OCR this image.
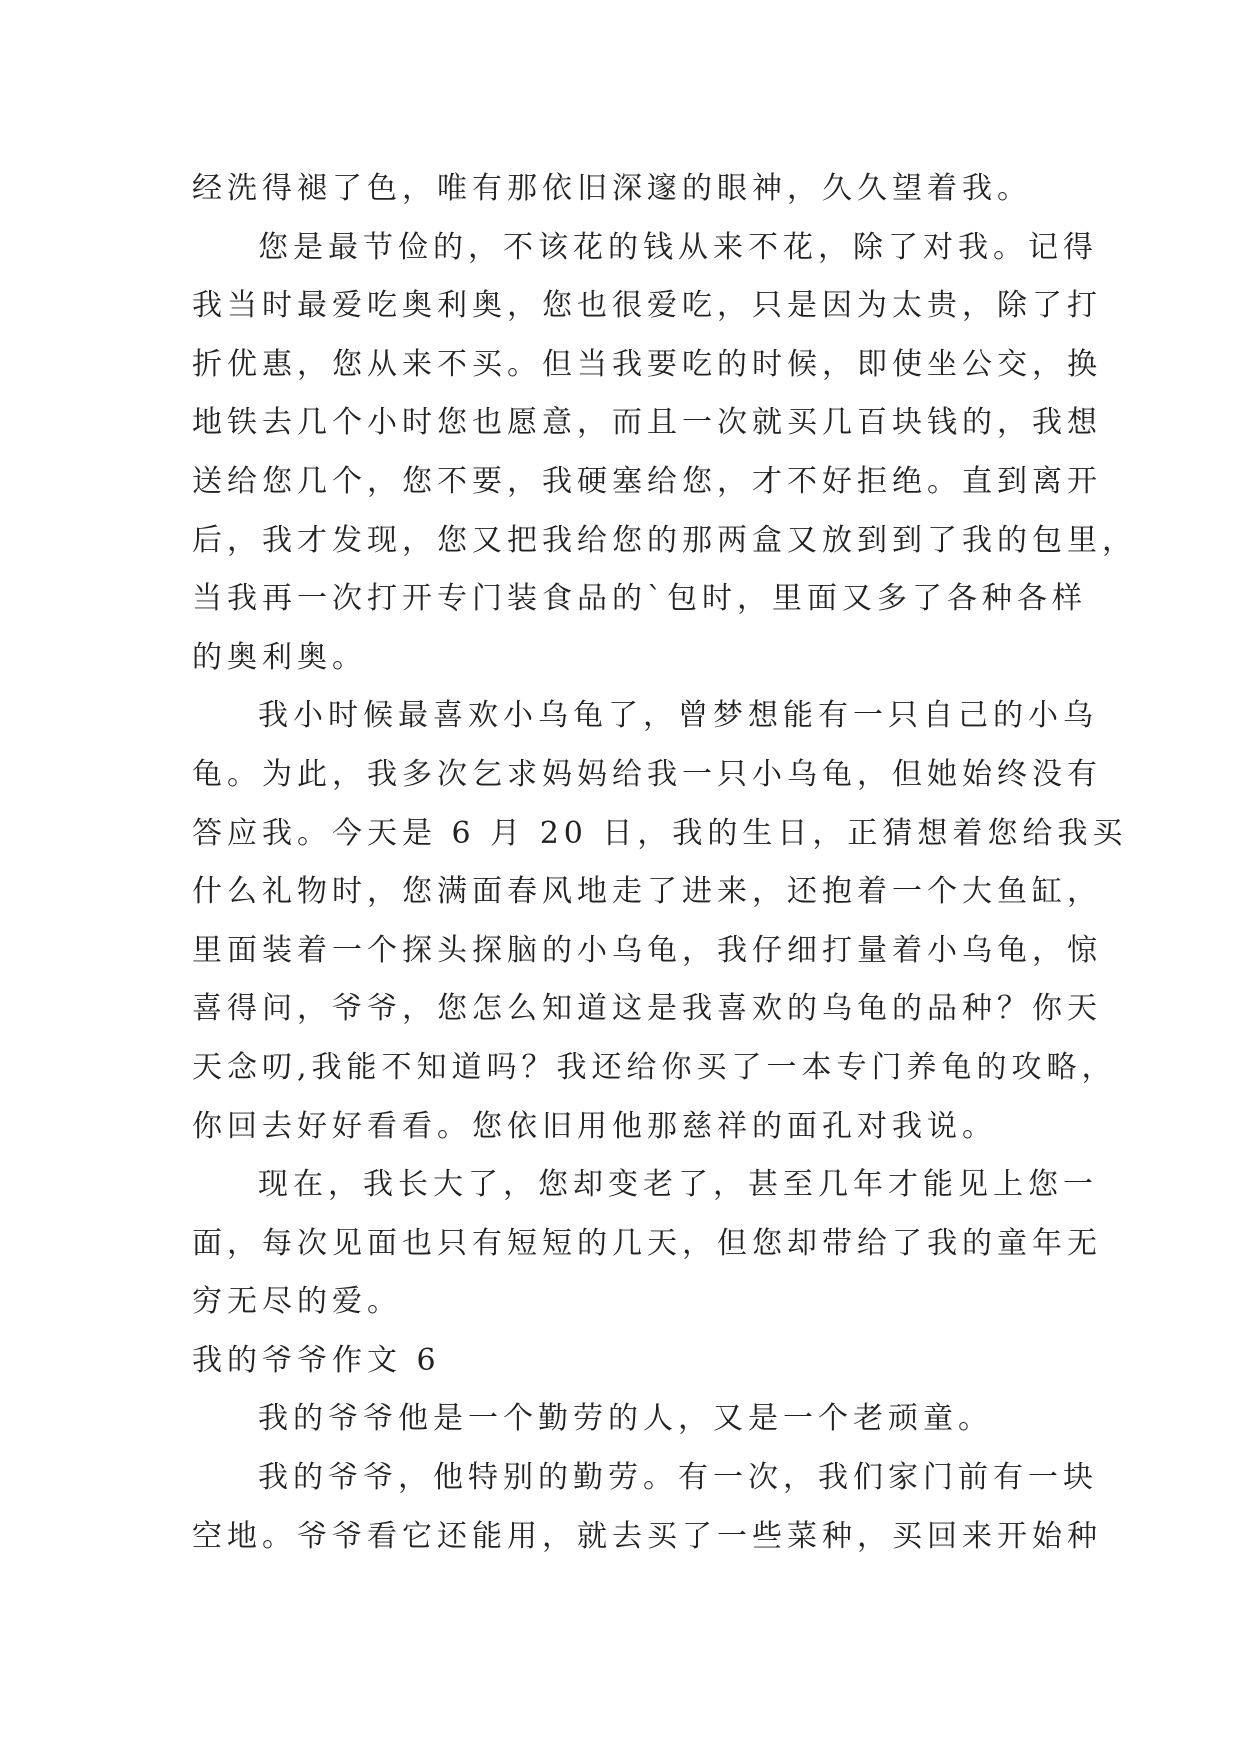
经洗得褪了色，唯有那依旧深邃的眼神，久久望着我。
您是最节俭的，不该花的钱从来不花，除了对我。记得
我当时最爱吃奥利奥，您也很爱吃，只是因为太贵，除了打
折优惠，您从来不买。但当我要吃的时候，即使坐公交，换
地铁去几个小时您也愿意，而且一次就买几百块钱的，我想
送给您几个，您不要，我硬塞给您，才不好拒绝。直到离开
后，我才发现，您又把我给您的那两盒又放到到了我的包里，
当我再一次打开专门装食品的`包时，里面又多了各种各样
的奥利奥。
我小时候最喜欢小乌龟了，曾梦想能有一只自己的小乌
龟。为此，我多次乞求妈妈给我一只小乌龟，但她始终没有
答应我。今天是 6 月 20 日，我的生日，正猜想着您给我买
什么礼物时，您满面春风地走了进来，还抱着一个大鱼缸，
里面装着一个探头探脑的小乌龟，我仔细打量着小乌龟，惊
喜得问，爷爷，您怎么知道这是我喜欢的乌龟的品种？你天
天念叨,我能不知道吗？我还给你买了一本专门养龟的攻略，
你回去好好看看。您依旧用他那慈祥的面孔对我说。
现在，我长大了，您却变老了，甚至几年才能见上您一
面，每次见面也只有短短的几天，但您却带给了我的童年无
穷无尽的爱。
我的爷爷作文 6
我的爷爷他是一个勤劳的人，又是一个老顽童。
我的爷爷，他特别的勤劳。有一次，我们家门前有一块
空地。爷爷看它还能用，就去买了一些菜种，买回来开始种
